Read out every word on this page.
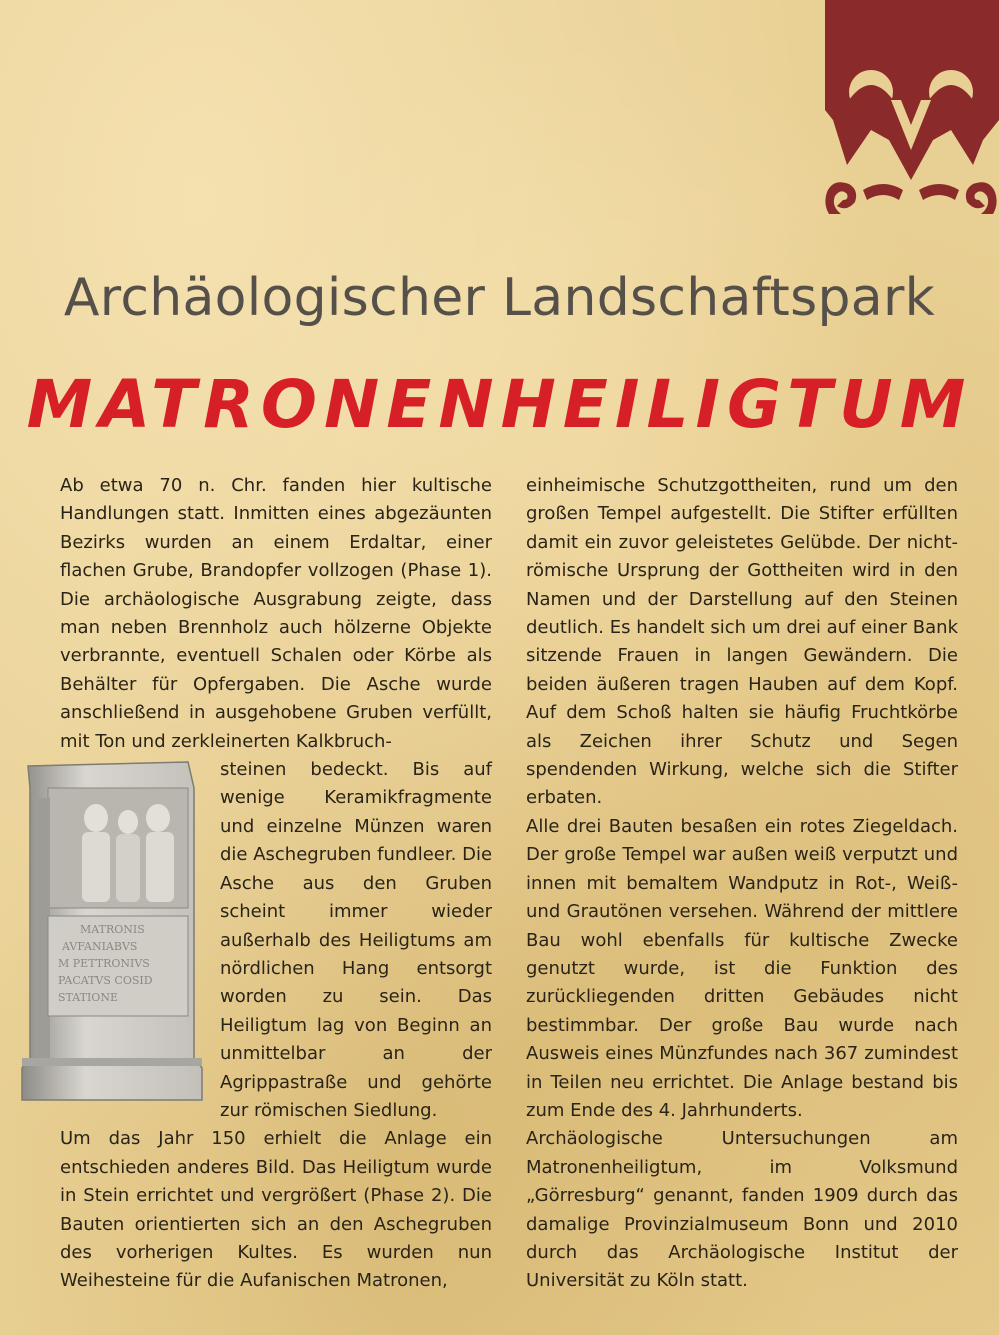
Archäologischer Landschaftspark
MATRONENHEILIGTUM

Ab etwa 70 n. Chr. fanden hier kultische Handlungen statt. Inmitten eines abgezäunten Bezirks wurden an einem Erdaltar, einer flachen Grube, Brandopfer vollzogen (Phase 1). Die archäologische Ausgrabung zeigte, dass man neben Brennholz auch hölzerne Objekte verbrannte, eventuell Schalen oder Körbe als Behälter für Opfergaben. Die Asche wurde anschließend in ausgehobene Gruben verfüllt, mit Ton und zerkleinerten Kalkbruch-

MATRONIS
AVFANIABVS
M PETTRONIVS
PACATVS COSID
STATIONE

steinen bedeckt. Bis auf wenige Keramikfragmente und einzelne Münzen waren die Aschegruben fundleer. Die Asche aus den Gruben scheint immer wieder außerhalb des Heiligtums am nördlichen Hang entsorgt worden zu sein. Das Heiligtum lag von Beginn an unmittelbar an der Agrippastraße und gehörte zur römischen Siedlung.

Um das Jahr 150 erhielt die Anlage ein entschieden anderes Bild. Das Heiligtum wurde in Stein errichtet und vergrößert (Phase 2). Die Bauten orientierten sich an den Aschegruben des vorherigen Kultes. Es wurden nun Weihesteine für die Aufanischen Matronen,

einheimische Schutzgottheiten, rund um den großen Tempel aufgestellt. Die Stifter erfüllten damit ein zuvor geleistetes Gelübde. Der nicht-römische Ursprung der Gottheiten wird in den Namen und der Darstellung auf den Steinen deutlich. Es handelt sich um drei auf einer Bank sitzende Frauen in langen Gewändern. Die beiden äußeren tragen Hauben auf dem Kopf. Auf dem Schoß halten sie häufig Fruchtkörbe als Zeichen ihrer Schutz und Segen spendenden Wirkung, welche sich die Stifter erbaten.

Alle drei Bauten besaßen ein rotes Ziegeldach. Der große Tempel war außen weiß verputzt und innen mit bemaltem Wandputz in Rot-, Weiß- und Grautönen versehen. Während der mittlere Bau wohl ebenfalls für kultische Zwecke genutzt wurde, ist die Funktion des zurückliegenden dritten Gebäudes nicht bestimmbar. Der große Bau wurde nach Ausweis eines Münzfundes nach 367 zumindest in Teilen neu errichtet. Die Anlage bestand bis zum Ende des 4. Jahrhunderts.

Archäologische Untersuchungen am Matronenheiligtum, im Volksmund „Görresburg“ genannt, fanden 1909 durch das damalige Provinzialmuseum Bonn und 2010 durch das Archäologische Institut der Universität zu Köln statt.
